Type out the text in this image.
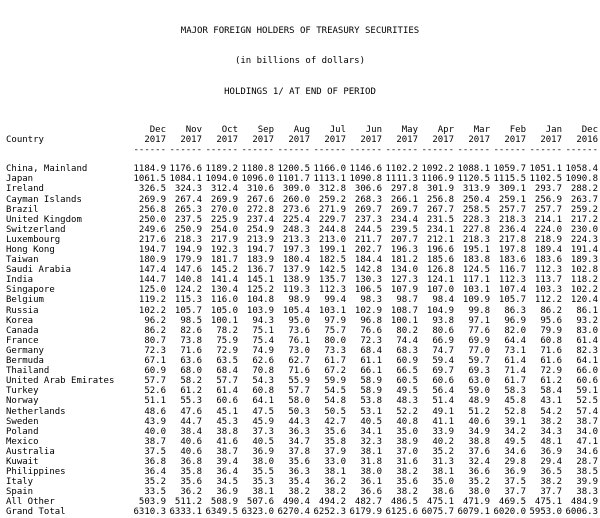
MAJOR FOREIGN HOLDERS OF TREASURY SECURITIES

(in billions of dollars)

HOLDINGS 1/ AT END OF PERIOD

	Dec	Nov	Oct	Sep	Aug	Jul	Jun	May	Apr	Mar	Feb	Jan	Dec
Country	2017	2017	2017	2017	2017	2017	2017	2017	2017	2017	2017	2017	2016
	------	------	------	------	------	------	------	------	------	------	------	------	------

China, Mainland	1184.9	1176.6	1189.2	1180.8	1200.5	1166.0	1146.6	1102.2	1092.2	1088.1	1059.7	1051.1	1058.4
Japan	1061.5	1084.1	1094.0	1096.0	1101.7	1113.1	1090.8	1111.3	1106.9	1120.5	1115.5	1102.5	1090.8
Ireland	326.5	324.3	312.4	310.6	309.0	312.8	306.6	297.8	301.9	313.9	309.1	293.7	288.2
Cayman Islands	269.9	267.4	269.9	267.6	260.0	259.2	268.3	266.1	256.8	250.4	259.1	256.9	263.7
Brazil	256.8	265.3	270.0	272.8	273.6	271.9	269.7	269.7	267.7	258.5	257.7	257.7	259.2
United Kingdom	250.0	237.5	225.9	237.4	225.4	229.7	237.3	234.4	231.5	228.3	218.3	214.1	217.2
Switzerland	249.6	250.9	254.0	254.9	248.3	244.8	244.5	239.5	234.1	227.8	236.4	224.0	230.0
Luxembourg	217.6	218.3	217.9	213.9	213.3	213.0	211.7	207.7	212.1	218.3	217.8	218.9	224.3
Hong Kong	194.7	194.9	192.3	194.7	197.3	199.1	202.7	196.3	196.6	195.1	197.8	189.4	191.4
Taiwan	180.9	179.9	181.7	183.9	180.4	182.5	184.4	181.2	185.6	183.8	183.6	183.6	189.3
Saudi Arabia	147.4	147.6	145.2	136.7	137.9	142.5	142.8	134.0	126.8	124.5	116.7	112.3	102.8
India	144.7	140.8	141.4	145.1	138.9	135.7	130.3	127.3	124.1	117.1	112.3	113.7	118.2
Singapore	125.0	124.2	130.4	125.2	119.3	112.3	106.5	107.9	107.0	103.1	107.4	103.3	102.2
Belgium	119.2	115.3	116.0	104.8	98.9	99.4	98.3	98.7	98.4	109.9	105.7	112.2	120.4
Russia	102.2	105.7	105.0	103.9	105.4	103.1	102.9	108.7	104.9	99.8	86.3	86.2	86.1
Korea	96.2	98.5	100.1	94.3	95.0	97.9	96.8	100.1	93.8	97.1	96.9	95.6	93.2
Canada	86.2	82.6	78.2	75.1	73.6	75.7	76.6	80.2	80.6	77.6	82.0	79.9	83.0
France	80.7	73.8	75.9	75.4	76.1	80.0	72.3	74.4	66.9	69.9	64.4	60.8	61.4
Germany	72.3	71.6	72.9	74.9	73.0	73.3	68.4	68.3	74.7	77.0	73.1	71.6	82.3
Bermuda	67.1	63.6	63.5	62.6	62.7	61.7	61.1	60.9	59.4	59.7	61.4	61.6	64.1
Thailand	60.9	68.0	68.4	70.8	71.6	67.2	66.1	66.5	69.7	69.3	71.4	72.9	66.0
United Arab Emirates	57.7	58.2	57.7	54.3	55.9	59.9	58.9	60.5	60.6	63.0	61.7	61.2	60.6
Turkey	52.6	61.2	61.4	60.8	57.7	54.5	58.9	49.5	56.4	59.0	58.3	58.4	59.1
Norway	51.1	55.3	60.6	64.1	58.0	54.8	53.8	48.3	51.4	48.9	45.8	43.1	52.5
Netherlands	48.6	47.6	45.1	47.5	50.3	50.5	53.1	52.2	49.1	51.2	52.8	54.2	57.4
Sweden	43.9	44.7	45.3	45.9	44.3	42.7	40.5	40.8	41.1	40.6	39.1	38.2	38.7
Poland	40.0	38.4	38.8	37.3	36.3	35.6	34.1	35.0	33.9	34.9	34.2	34.3	34.0
Mexico	38.7	40.6	41.6	40.5	34.7	35.8	32.3	38.9	40.2	38.8	49.5	48.1	47.1
Australia	37.5	40.6	38.7	36.9	37.8	37.9	38.1	37.0	35.2	37.6	34.6	36.9	34.6
Kuwait	36.8	36.8	39.4	38.0	35.6	33.0	31.8	31.6	31.3	32.4	29.8	29.4	28.7
Philippines	36.4	35.8	36.4	35.5	36.3	38.1	38.0	38.2	38.1	36.6	36.9	36.5	38.5
Italy	35.2	35.6	34.5	35.3	35.4	36.2	36.1	35.6	35.0	35.2	37.5	38.2	39.9
Spain	33.5	36.2	36.9	38.1	38.2	38.2	36.6	38.2	38.6	38.0	37.7	37.7	38.3
All Other	503.9	511.2	508.9	507.6	490.4	494.2	482.7	486.5	475.1	471.9	469.5	475.1	484.9
Grand Total	6310.3	6333.1	6349.5	6323.0	6270.4	6252.3	6179.9	6125.6	6075.7	6079.1	6020.0	5953.0	6006.3
